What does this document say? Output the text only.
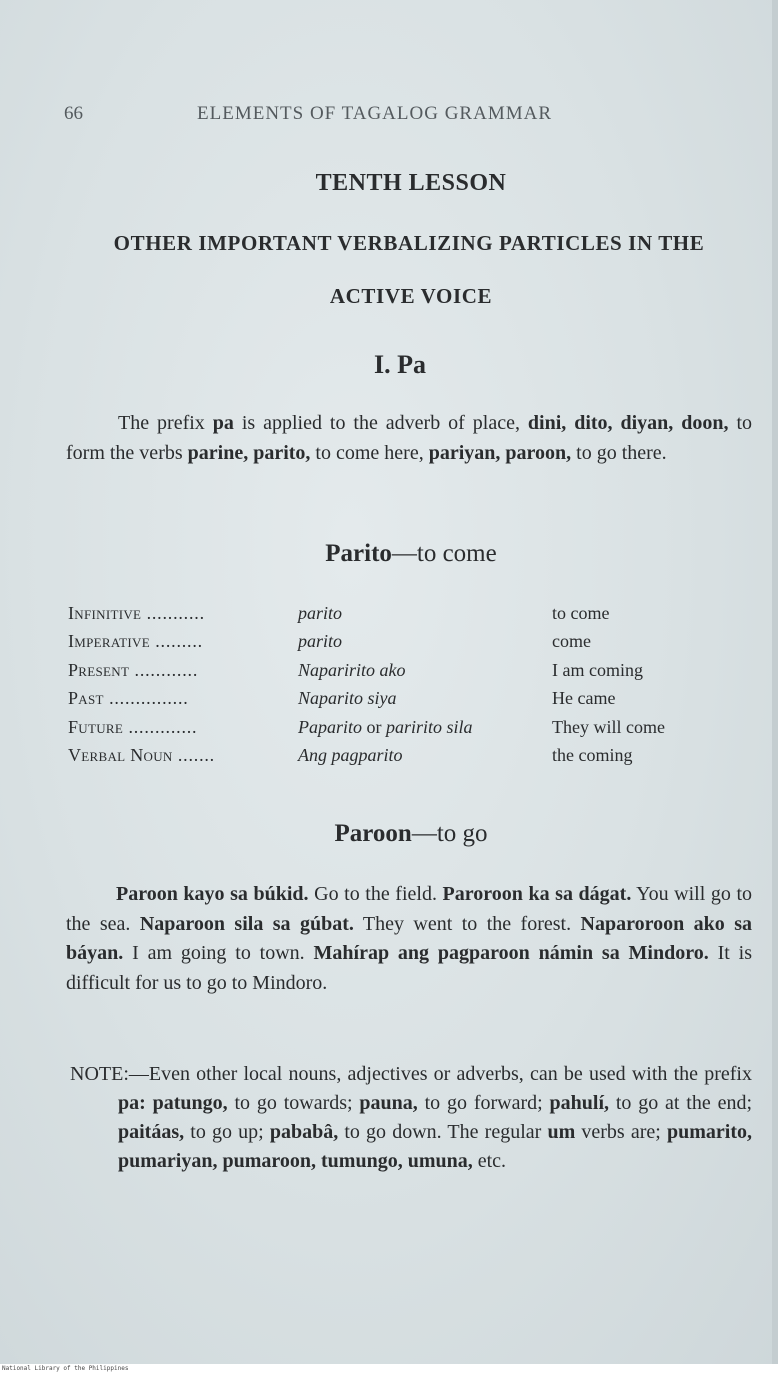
66	ELEMENTS OF TAGALOG GRAMMAR
TENTH LESSON
OTHER IMPORTANT VERBALIZING PARTICLES IN THE
ACTIVE VOICE
I. Pa

The prefix pa is applied to the adverb of place, dini, dito, diyan, doon, to form the verbs parine, parito, to come here, pariyan, paroon, to go there.

Parito—to come
Infinitive ...........	parito	to come
Imperative .........	parito	come
Present ............	Naparirito ako	I am coming
Past ...............	Naparito siya	He came
Future .............	Paparito or paririto sila	They will come
Verbal Noun .......	Ang pagparito	the coming
Paroon—to go

Paroon kayo sa búkid. Go to the field. Paroroon ka sa dágat. You will go to the sea. Naparoon sila sa gúbat. They went to the forest. Naparoroon ako sa báyan. I am going to town. Mahírap ang pagparoon námin sa Mindoro. It is difficult for us to go to Mindoro.

NOTE:—Even other local nouns, adjectives or adverbs, can be used with the prefix pa: patungo, to go towards; pauna, to go forward; pahulí, to go at the end; paitáas, to go up; pababâ, to go down. The regular um verbs are; pumarito, pumariyan, pumaroon, tumungo, umuna, etc.

National Library of the Philippines
